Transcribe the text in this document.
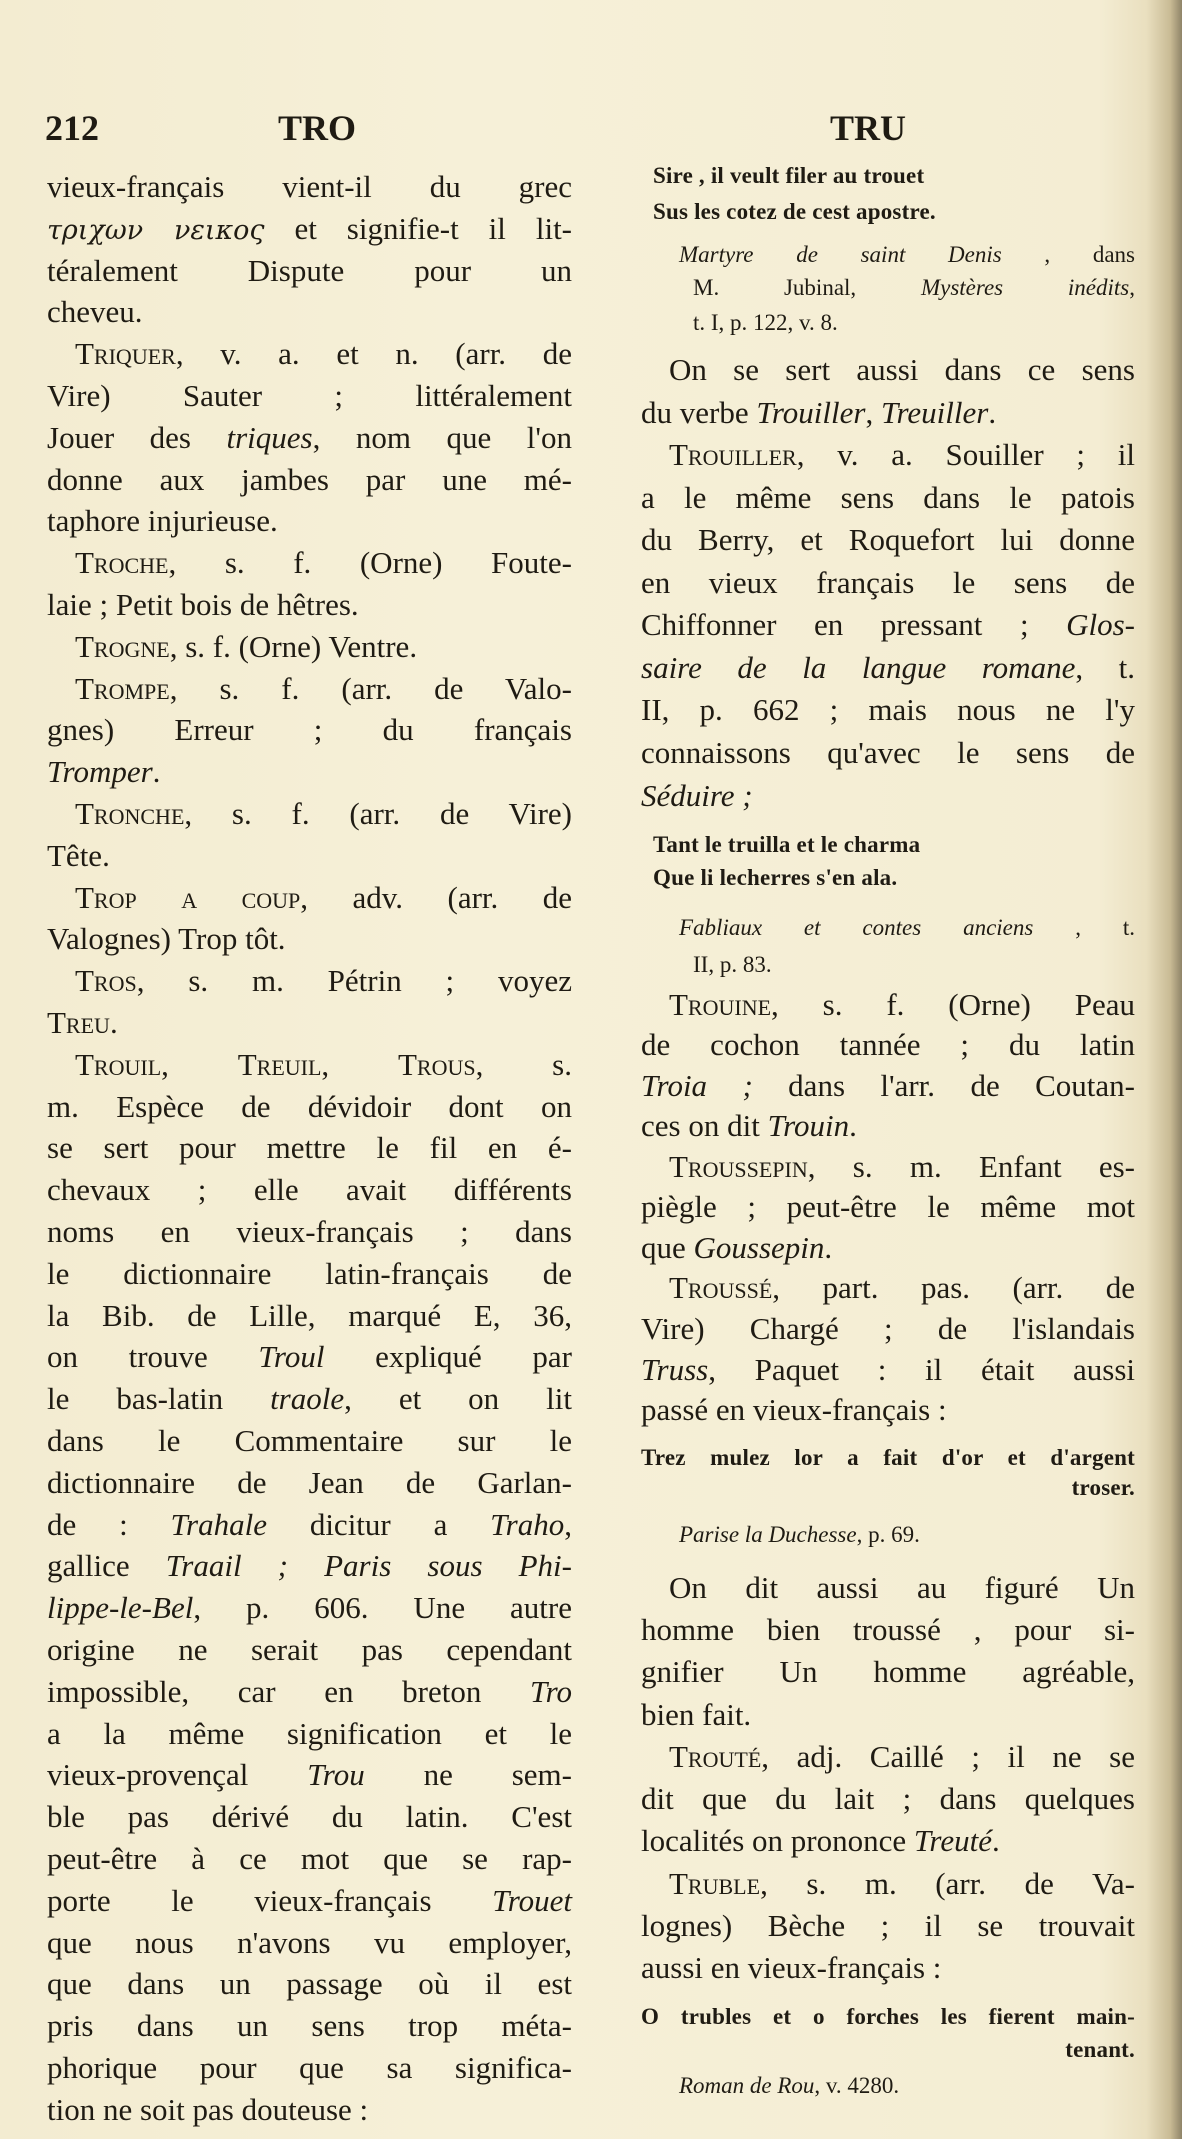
212	TRO	TRU
vieux-français vient-il du grec
τριχων νεικος et signifie-t il lit-
téralement Dispute pour un
cheveu.
Triquer, v. a. et n. (arr. de
Vire) Sauter ; littéralement
Jouer des triques, nom que l'on
donne aux jambes par une mé-
taphore injurieuse.
Troche, s. f. (Orne) Foute-
laie ; Petit bois de hêtres.
Trogne, s. f. (Orne) Ventre.
Trompe, s. f. (arr. de Valo-
gnes) Erreur ; du français
Tromper.
Tronche, s. f. (arr. de Vire)
Tête.
Trop a coup, adv. (arr. de
Valognes) Trop tôt.
Tros, s. m. Pétrin ; voyez
Treu.
Trouil, Treuil, Trous, s.
m. Espèce de dévidoir dont on
se sert pour mettre le fil en é-
chevaux ; elle avait différents
noms en vieux-français ; dans
le dictionnaire latin-français de
la Bib. de Lille, marqué E, 36,
on trouve Troul expliqué par
le bas-latin traole, et on lit
dans le Commentaire sur le
dictionnaire de Jean de Garlan-
de : Trahale dicitur a Traho,
gallice Traail ; Paris sous Phi-
lippe-le-Bel, p. 606. Une autre
origine ne serait pas cependant
impossible, car en breton Tro
a la même signification et le
vieux-provençal Trou ne sem-
ble pas dérivé du latin. C'est
peut-être à ce mot que se rap-
porte le vieux-français Trouet
que nous n'avons vu employer,
que dans un passage où il est
pris dans un sens trop méta-
phorique pour que sa significa-
tion ne soit pas douteuse :
Sire , il veult filer au trouet
Sus les cotez de cest apostre.
Martyre de saint Denis , dans
M. Jubinal, Mystères inédits,
t. I, p. 122, v. 8.
On se sert aussi dans ce sens
du verbe Trouiller, Treuiller.
Trouiller, v. a. Souiller ; il
a le même sens dans le patois
du Berry, et Roquefort lui donne
en vieux français le sens de
Chiffonner en pressant ; Glos-
saire de la langue romane, t.
II, p. 662 ; mais nous ne l'y
connaissons qu'avec le sens de
Séduire ;
Tant le truilla et le charma
Que li lecherres s'en ala.
Fabliaux et contes anciens , t.
II, p. 83.
Trouine, s. f. (Orne) Peau
de cochon tannée ; du latin
Troia ; dans l'arr. de Coutan-
ces on dit Trouin.
Troussepin, s. m. Enfant es-
piègle ; peut-être le même mot
que Goussepin.
Troussé, part. pas. (arr. de
Vire) Chargé ; de l'islandais
Truss, Paquet : il était aussi
passé en vieux-français :
Trez mulez lor a fait d'or et d'argent
troser.
Parise la Duchesse, p. 69.
On dit aussi au figuré Un
homme bien troussé , pour si-
gnifier Un homme agréable,
bien fait.
Trouté, adj. Caillé ; il ne se
dit que du lait ; dans quelques
localités on prononce Treuté.
Truble, s. m. (arr. de Va-
lognes) Bèche ; il se trouvait
aussi en vieux-français :
O trubles et o forches les fierent main-
tenant.
Roman de Rou, v. 4280.
